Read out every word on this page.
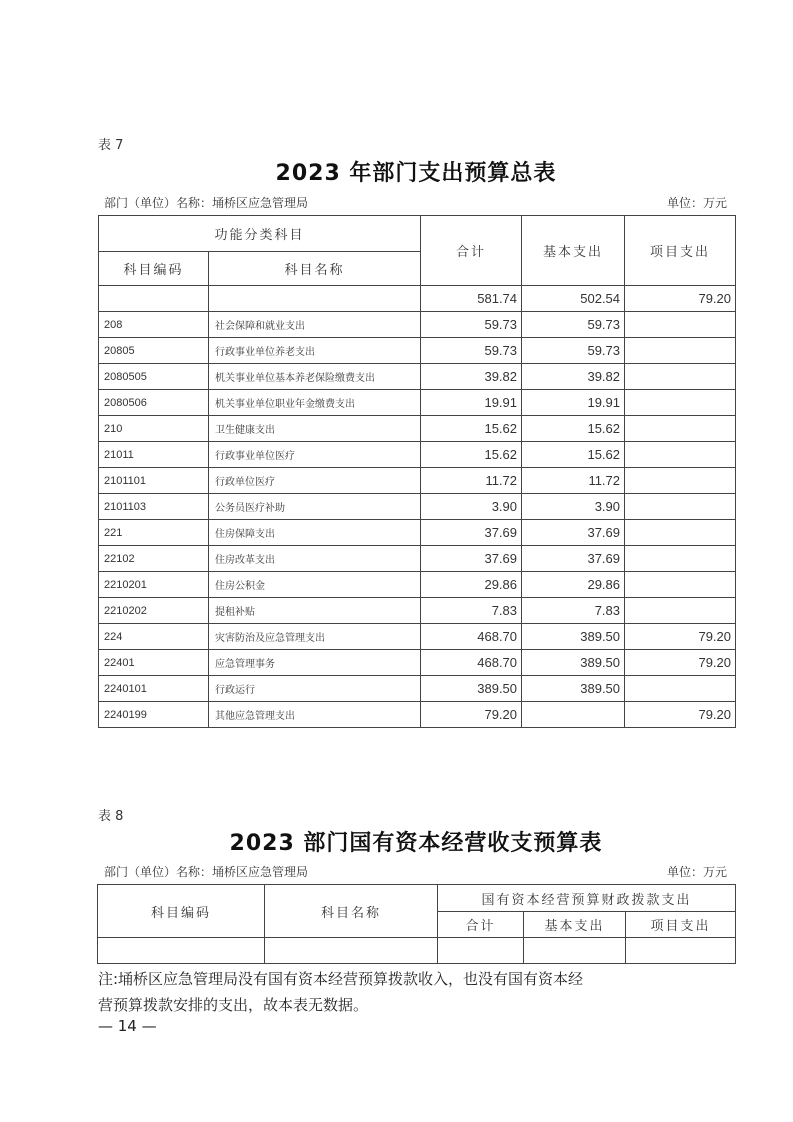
表 7
2023 年部门支出预算总表
部门（单位）名称：埇桥区应急管理局	单位：万元
功能分类科目		合计	基本支出	项目支出
科目编码	科目名称			
		581.74	502.54	79.20
208	社会保障和就业支出	59.73	59.73	
20805	行政事业单位养老支出	59.73	59.73	
2080505	机关事业单位基本养老保险缴费支出	39.82	39.82	
2080506	机关事业单位职业年金缴费支出	19.91	19.91	
210	卫生健康支出	15.62	15.62	
21011	行政事业单位医疗	15.62	15.62	
2101101	行政单位医疗	11.72	11.72	
2101103	公务员医疗补助	3.90	3.90	
221	住房保障支出	37.69	37.69	
22102	住房改革支出	37.69	37.69	
2210201	住房公积金	29.86	29.86	
2210202	提租补贴	7.83	7.83	
224	灾害防治及应急管理支出	468.70	389.50	79.20
22401	应急管理事务	468.70	389.50	79.20
2240101	行政运行	389.50	389.50	
2240199	其他应急管理支出	79.20		79.20
表 8
2023 部门国有资本经营收支预算表
部门（单位）名称：埇桥区应急管理局	单位：万元
科目编码	科目名称	国有资本经营预算财政拨款支出		
		合计	基本支出	项目支出

注:埇桥区应急管理局没有国有资本经营预算拨款收入，也没有国有资本经
营预算拨款安排的支出，故本表无数据。
— 14 —
